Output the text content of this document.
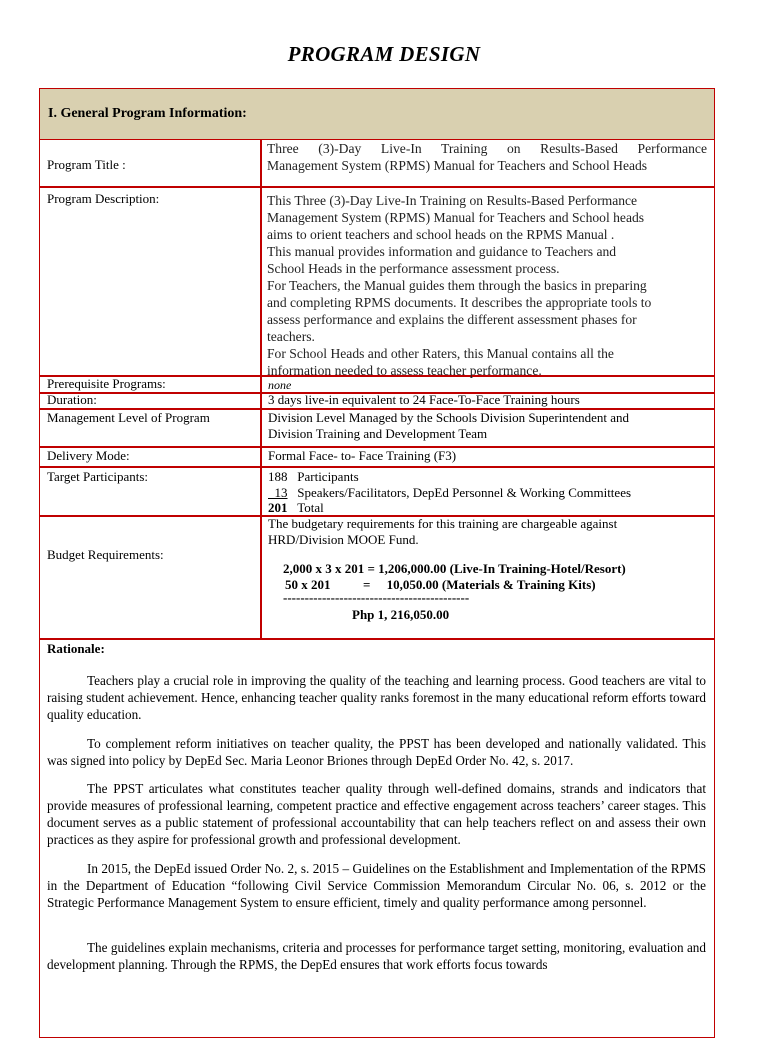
PROGRAM DESIGN
I. General Program Information:
Program Title :
Three (3)-Day Live-In Training on Results-Based Performance
Management System (RPMS) Manual for Teachers and School Heads
Program Description:	This Three (3)-Day Live-In Training on Results-Based Performance
Management System (RPMS) Manual for Teachers and School heads
aims to orient teachers and school heads on the RPMS Manual .
This manual provides information and guidance to Teachers and
School Heads in the performance assessment process.
For Teachers, the Manual guides them through the basics in preparing
and completing RPMS documents. It describes the appropriate tools to
assess performance and explains the different assessment phases for
teachers.
For School Heads and other Raters, this Manual contains all the
information needed to assess teacher performance.
Prerequisite Programs:	none
Duration:	3 days live-in equivalent to 24 Face-To-Face Training hours
Management Level of Program	Division Level Managed by the Schools Division Superintendent and
Division Training and Development Team
Delivery Mode:	Formal Face- to- Face Training (F3)
Target Participants:	188 Participants
13 Speakers/Facilitators, DepEd Personnel & Working Committees
201 Total
Budget Requirements:
The budgetary requirements for this training are chargeable against
HRD/Division MOOE Fund.
2,000 x 3 x 201 = 1,206,000.00 (Live-In Training-Hotel/Resort)
50 x 201          =     10,050.00 (Materials & Training Kits)
-------------------------------------------
Php 1, 216,050.00
Rationale:
Teachers play a crucial role in improving the quality of the teaching and learning process. Good teachers are vital to raising student achievement. Hence, enhancing teacher quality ranks foremost in the many educational reform efforts toward quality education.
To complement reform initiatives on teacher quality, the PPST has been developed and nationally validated. This was signed into policy by DepEd Sec. Maria Leonor Briones through DepEd Order No. 42, s. 2017.
The PPST articulates what constitutes teacher quality through well-defined domains, strands and indicators that provide measures of professional learning, competent practice and effective engagement across teachers’ career stages. This document serves as a public statement of professional accountability that can help teachers reflect on and assess their own practices as they aspire for professional growth and professional development.
In 2015, the DepEd issued Order No. 2, s. 2015 – Guidelines on the Establishment and Implementation of the RPMS in the Department of Education “following Civil Service Commission Memorandum Circular No. 06, s. 2012 or the Strategic Performance Management System to ensure efficient, timely and quality performance among personnel.
The guidelines explain mechanisms, criteria and processes for performance target setting, monitoring, evaluation and development planning. Through the RPMS, the DepEd ensures that work efforts focus towards
